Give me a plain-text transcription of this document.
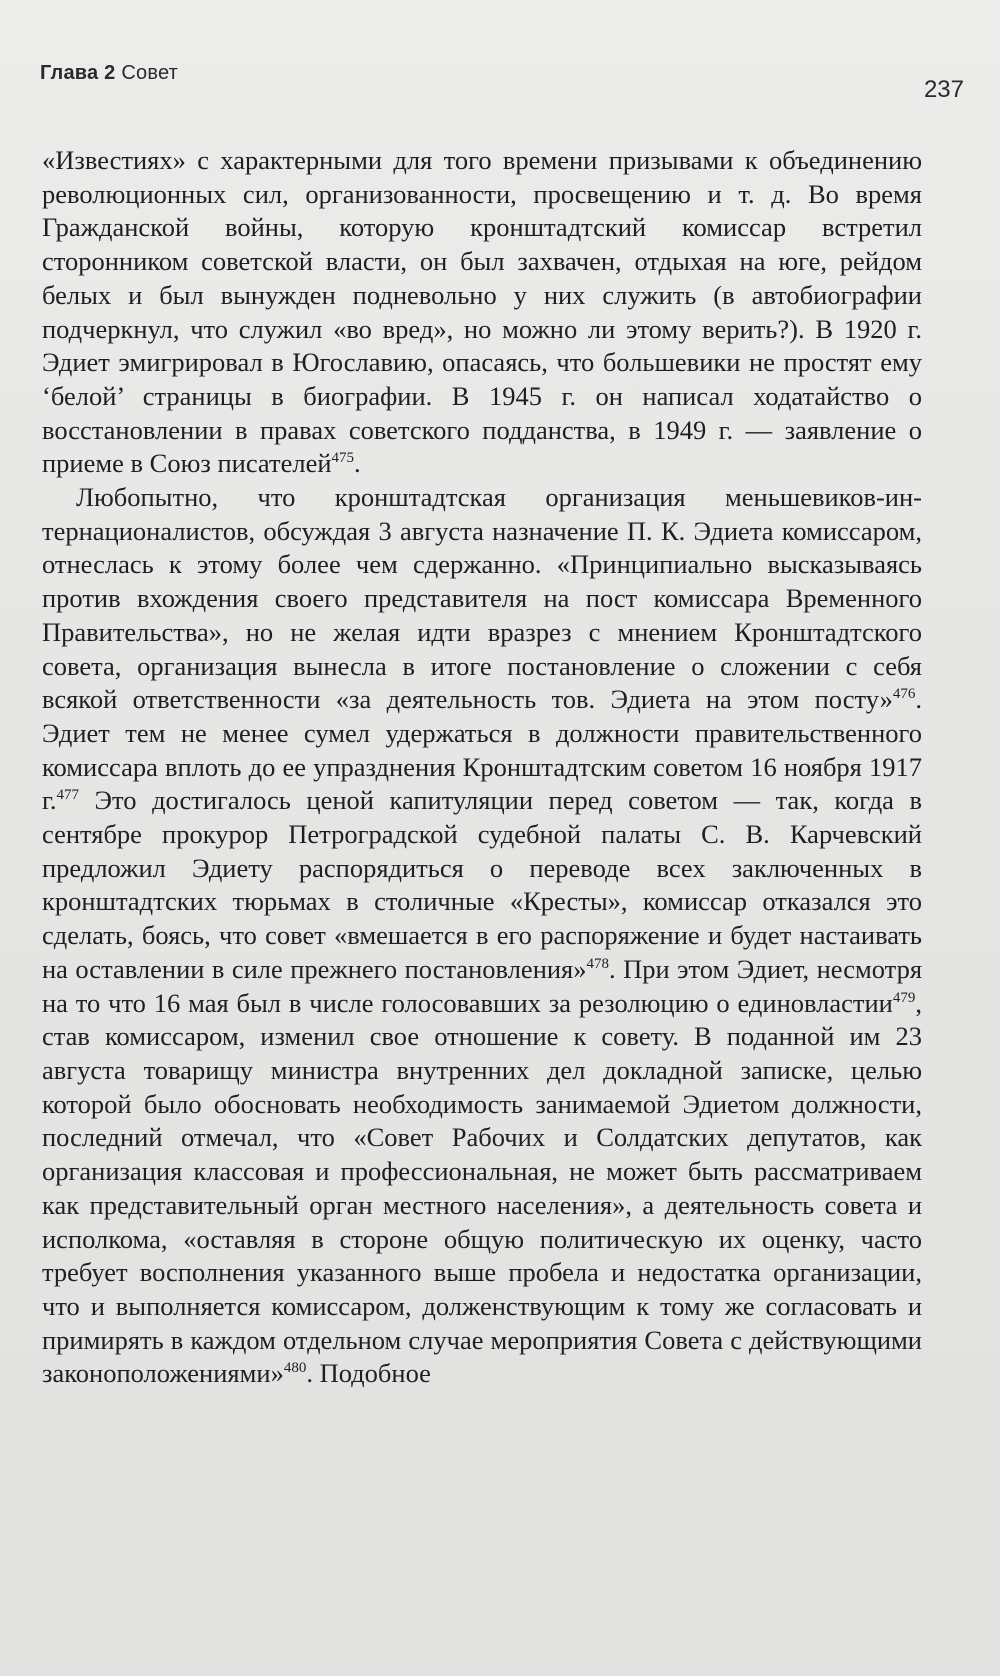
Глава 2 Совет
237

«Известиях» с характерными для того времени призывами к объединению революционных сил, организованности, просвещению и т. д. Во время Гражданской войны, которую кронштадтский комиссар встретил сторонником советской власти, он был захвачен, отдыхая на юге, рейдом белых и был вынужден подневольно у них служить (в автобиографии подчеркнул, что служил «во вред», но можно ли этому верить?). В 1920 г. Эдиет эмигрировал в Югославию, опасаясь, что большевики не простят ему ‘белой’ страницы в биографии. В 1945 г. он написал ходатайство о восстановлении в правах советского подданства, в 1949 г. — заявление о приеме в Союз писателей$^{475}$.

Любопытно, что кронштадтская организация меньшевиков-интернационалистов, обсуждая 3 августа назначение П. К. Эдиета комиссаром, отнеслась к этому более чем сдержанно. «Принципиально высказываясь против вхождения своего представителя на пост комиссара Временного Правительства», но не желая идти вразрез с мнением Кронштадтского совета, организация вынесла в итоге постановление о сложении с себя всякой ответственности «за деятельность тов. Эдиета на этом посту»$^{476}$. Эдиет тем не менее сумел удержаться в должности правительственного комиссара вплоть до ее упразднения Кронштадтским советом 16 ноября 1917 г.$^{477}$ Это достигалось ценой капитуляции перед советом — так, когда в сентябре прокурор Петроградской судебной палаты С. В. Карчевский предложил Эдиету распорядиться о переводе всех заключенных в кронштадтских тюрьмах в столичные «Кресты», комиссар отказался это сделать, боясь, что совет «вмешается в его распоряжение и будет настаивать на оставлении в силе прежнего постановления»$^{478}$. При этом Эдиет, несмотря на то что 16 мая был в числе голосовавших за резолюцию о единовластии$^{479}$, став комиссаром, изменил свое отношение к совету. В поданной им 23 августа товарищу министра внутренних дел докладной записке, целью которой было обосновать необходимость занимаемой Эдиетом должности, последний отмечал, что «Совет Рабочих и Солдатских депутатов, как организация классовая и профессиональная, не может быть рассматриваем как представительный орган местного населения», а деятельность совета и исполкома, «оставляя в стороне общую политическую их оценку, часто требует восполнения указанного выше пробела и недостатка организации, что и выполняется комиссаром, долженствующим к тому же согласовать и примирять в каждом отдельном случае мероприятия Совета с действующими законоположениями»$^{480}$. Подобное
